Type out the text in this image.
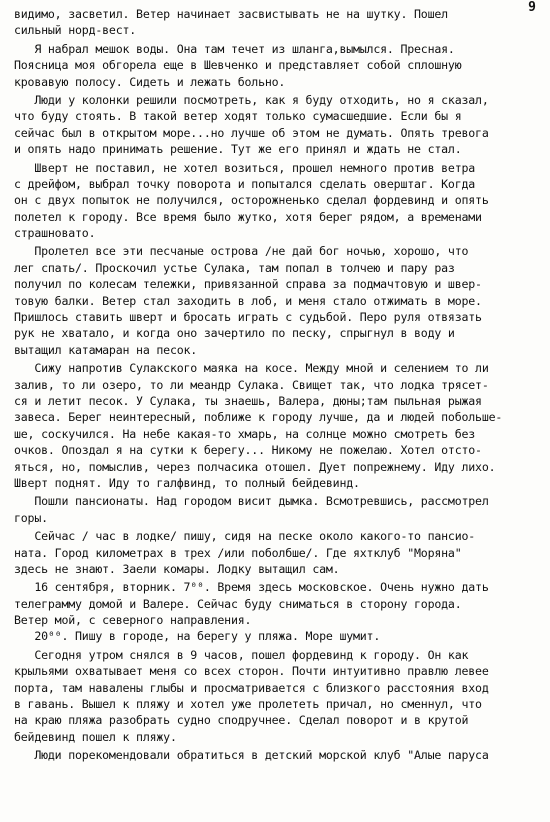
9
видимо, засветил. Ветер начинает засвистывать не на шутку. Пошел
сильный норд-вест.
Я набрал мешок воды. Она там течет из шланга,вымылся. Пресная.
Поясница моя обгорела еще в Шевченко и представляет собой сплошную
кровавую полосу. Сидеть и лежать больно.
Люди у колонки решили посмотреть, как я буду отходить, но я сказал,
что буду стоять. В такой ветер ходят только сумасшедшие. Если бы я
сейчас был в открытом море...но лучше об этом не думать. Опять тревога
и опять надо принимать решение. Тут же его принял и ждать не стал.
Шверт не поставил, не хотел возиться, прошел немного против ветра
с дрейфом, выбрал точку поворота и попытался сделать оверштаг. Когда
он с двух попыток не получился, осторожненько сделал фордевинд и опять
полетел к городу. Все время было жутко, хотя берег рядом, а временами
страшновато.
Пролетел все эти песчаные острова /не дай бог ночью, хорошо, что
лег спать/. Проскочил устье Сулака, там попал в толчею и пару раз
получил по колесам тележки, привязанной справа за подмачтовую и швер-
товую балки. Ветер стал заходить в лоб, и меня стало отжимать в море.
Пришлось ставить шверт и бросать играть с судьбой. Перо руля отвязать
рук не хватало, и когда оно зачертило по песку, спрыгнул в воду и
вытащил катамаран на песок.
Сижу напротив Сулакского маяка на косе. Между мной и селением то ли
залив, то ли озеро, то ли меандр Сулака. Свищет так, что лодка трясет-
ся и летит песок. У Сулака, ты знаешь, Валера, дюны;там пыльная рыжая
завеса. Берег неинтересный, поближе к городу лучше, да и людей побольше-
ше, соскучился. На небе какая-то хмарь, на солнце можно смотреть без
очков. Опоздал я на сутки к берегу... Никому не пожелаю. Хотел отсто-
яться, но, помыслив, через полчасика отошел. Дует попрежнему. Иду лихо.
Шверт поднят. Иду то галфвинд, то полный бейдевинд.
Пошли пансионаты. Над городом висит дымка. Всмотревшись, рассмотрел
горы.
Сейчас / час в лодке/ пишу, сидя на песке около какого-то пансио-
ната. Город километрах в трех /или поболбше/. Где яхтклуб "Моряна"
здесь не знают. Заели комары. Лодку вытащил сам.
16 сентября, вторник. 7⁰⁰. Время здесь московское. Очень нужно дать
телеграмму домой и Валере. Сейчас буду сниматься в сторону города.
Ветер мой, с северного направления.
20⁰⁰. Пишу в городе, на берегу у пляжа. Море шумит.
Сегодня утром снялся в 9 часов, пошел фордевинд к городу. Он как
крыльями охватывает меня со всех сторон. Почти интуитивно правлю левее
порта, там навалены глыбы и просматривается с близкого расстояния вход
в гавань. Вышел к пляжу и хотел уже пролететь причал, но сменнул, что
на краю пляжа разобрать судно сподручнее. Сделал поворот и в крутой
бейдевинд пошел к пляжу.
Люди порекомендовали обратиться в детский морской клуб "Алые паруса
